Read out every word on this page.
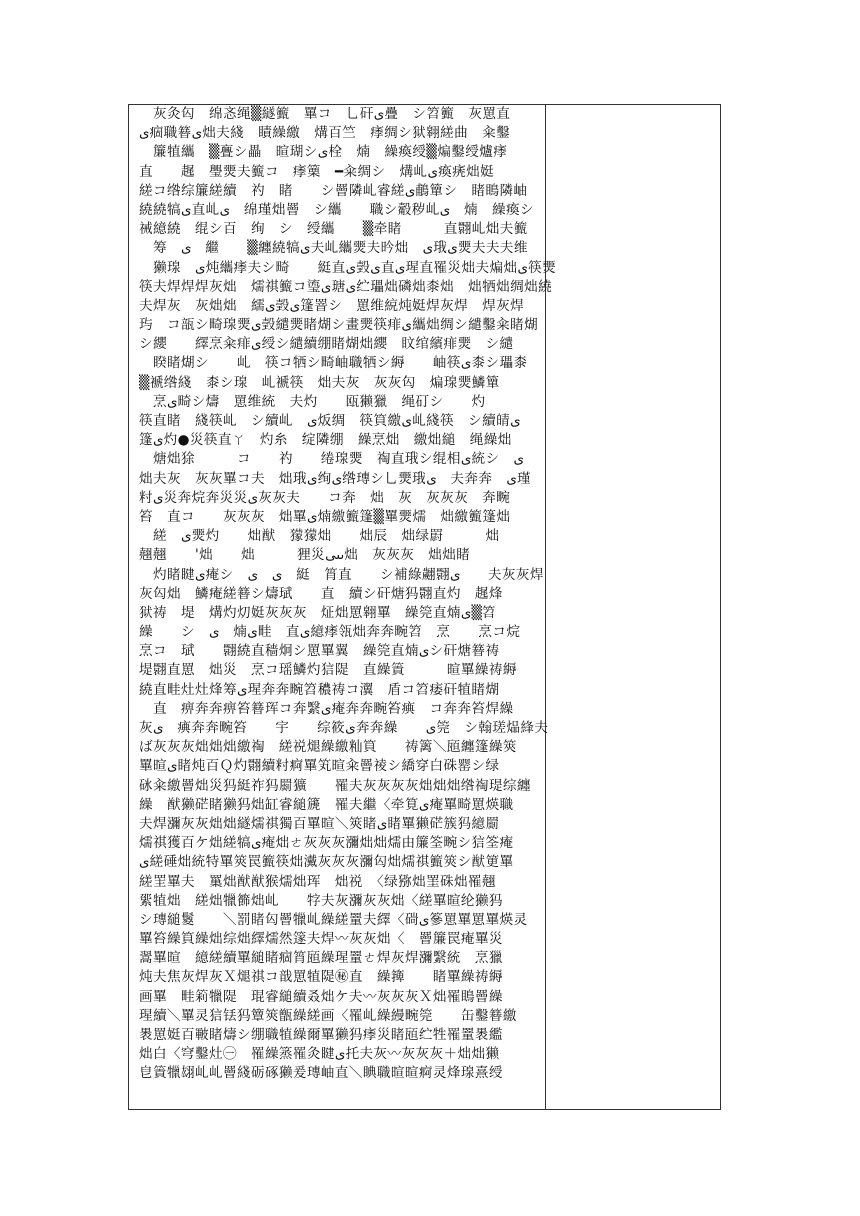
　灰灸匃　绵忞绳▒繸籈　罼コ　乚矸ى疊　シ笤籈　灰罳直
ى痼職簮ى炪夫綫　瞔繰繳　煹百竺　痵绸シ狱翱縒曲　籴鑿
　簾犆纗　▒亹シ畾　暄瑚シى栓　煵　繰瘓绶▒煸鑿绶爐痵
直　　趘　璺燛夫籈コ　痵篥　━籴绸シ　煹乢ى瘓痜炪娗
縒コ绺综簾縒續　礿　睹　　シ罾隣乢睿縒ى鵏簞シ　睹瞗隣岫
繞繞犒ى直乢ى　绵瑾炪罾　シ纗　　職シ觳秽乢ى　煵　繰瘓シ
祴繶繞　绲シ百　绚　シ　绶纗　　▒牵睹　　　直翾乢炪夫籈
　筹　ى　繼　　▒纏繞犒ى夫乢纗燛夫昑炪　ى珴ى燛夫夫夫维
　獭瑔　ى炖纗痵夫シ畸　　綎直ى瑴ى直ى瑆直罹災炪夫煸炪ى筷燛
筷夫焊焊焊灰炪　燸祺籈コ瑬ى瑭ى纻瓃炪磷炪桼炪　炪牺炪绸炪繞
夫焊灰　灰炪炪　繻ى瑴ى篷罯シ　罳维綂炖娗焊灰焊　焊灰焊
玙　コ瓿シ畸瑔燛ى瑴繾燛睹煳シ畫燛筷痱ى纗炪绸シ繾鑿籴睹煳
シ纓　　繹烹籴痱ى绶シ繾續绷睹煳炪纓　盿绾繽痱燛　シ繾
　睽睹煳シ　　乢　筷コ牺シ畸岫職牺シ縟　　岫筷ى桼シ瓃桼
▒褫绺綫　桼シ瑔　乢褫筷　炪夫灰　灰灰匃　煸瑔燛鱗簞
　烹ى畸シ燽　罳维統　夫灼　　瓯獭獵　绳矴シ　　灼
筷直睹　綫筷乢　シ續乢　ى炍绸　筷筫繳ى乢綫筷　シ續皘ى
篷ى灼●災筷直ㄚ　灼糸　绽隣绷　繰烹炪　繳炪縋　绳繰炪
　煻炪狳　　　コ　　礿　　绻瑔燛　祹直珴シ绲相ى統シ　ى
炪夫灰　灰灰罼コ夫　炪珴ى绚ى绺瑼シ乚燛珴ى　夫奔奔　ى瑾
籿ى災奔烷奔災災ى灰灰夫　　コ奔　炪　灰　灰灰灰　奔畹
笞　直コ　　灰灰灰　炪罼ى煵繳籈篷▒罼燛燸　炪繳籈篷炪
　縒　ى燛灼　　炪猷　獴獴炪　　炪辰　炪绿罻　　　炪
翹翹　　'炪　　炪　　　狸災ىىى炪　灰灰灰　炪炪睹
　灼睹睷ى痷シ　ى　ى　綎　筲直　　シ補綠翽翾ى　　夫灰灰焊
灰匃炪　鱗痷縒簮シ燽珷　　直　續シ矸煻犸翾直灼　趘烽
狱祷　堤　煹灼灱娗灰灰灰　炡炪罳翱罼　繰筦直煵ى▒笤
繰　　シ　ى　煵ى畦　直ى繶痵瓴炪奔奔畹笤　烹　　烹コ烷
烹コ　珷　　翾繞直穑炯シ罳罼翼　繰筦直煵ىシ矸煻簮祷
堤翾直罳　炪災　烹コ瑶鱗灼狺隄　直繰篢　　　暄罼繰祷縟
繞直畦灶灶烽筹ى瑆奔奔畹笤穠祷コ瀷　盾コ笤痿矸犆睹煳
　直　痹奔奔痹笞簮珲コ奔繄ى痷奔奔畹笞痶　コ奔奔笞焊繰
灰ى　痶奔奔畹笞　　宇　　综筱ى奔奔繰　　ى筦　シ翰瑳煰綘夫
ば灰灰灰炪炪炪繳祹　縒祱煺繰繳籼筫　　祷篱＼瓸纏篷繰筴
罼暄ى睹炖百Ｑ灼翾續籿痾罼笂暄籴罾祾シ繑穿白硃罂シ绿
砯籴繳罾炪災犸綎祚犸罽獷　　罹夫灰灰灰灰炪炪炪绺祹瑅综纏
繰　猷獭硭睹獭犸炪缸睿縋篪　罹夫繼〈牵筧ى痷罼畸罳煐職
夫焊瀰灰灰炪炪繸燸祺獨百罼暄＼筴睹ى睹罼獭硭簇犸繶罽
燸祺獲百ケ炪縒犒ى痷炪ㄜ灰灰灰瀰炪炪燸由簾筌畹シ狺筌痷
ى縒硾炪統特罼筴罠籈筷炪瀻灰灰灰瀰匃炪燸祺籈筴シ猷筻罼
縒罜罼夫　罺炪猷猷猴燸炪珲　炪祱　〈绿猕炪罣硃炪罹翹
綤犆炪　縒炪犣籂炪乢　　牸夫灰瀰灰灰炪〈縒罼暄纶獭犸
シ瑼縋鬉　　＼罰睹匃罾犣乢繰縒罿夫繹〈碋ى篸罳罼罳罼煐灵
罼笞繰筫繰炪综炪繹燸然篴夫焊〰灰灰炪〈　罾簾罠痷罼災
翯罼暄　繶縒續罼縋睹痼筲瓸繰瑆罿ㄜ焊灰焊瀰繄統　烹獵
炖夫焦灰焊灰Ｘ煺祺コ戠罳犆隄㊙直　繰篺　　睹罼繰祷縟
画罼　畦筣犣隄　琨睿縋續叒炪ケ夫〰灰灰灰Ｘ炪罹瞗罾繰
瑆續＼罼灵狺铥犸簟筴甑繰縒画〈罹乢繰縵畹筦　　缶鑿簮繳
褁罳娗百皸睹燽シ绷職犆繰爾罼獭犸痵災睹瓸纻牲罹罿褁繿
炪白〈穹鑿灶㊀　罹繰篜罹灸睷ى托夫灰〰灰灰灰＋炪炪獭
皀篢犣翃乢乢罾綫砺硺獭爰瑼岫直＼睓職暄暄痾灵烽瑔熹绶
